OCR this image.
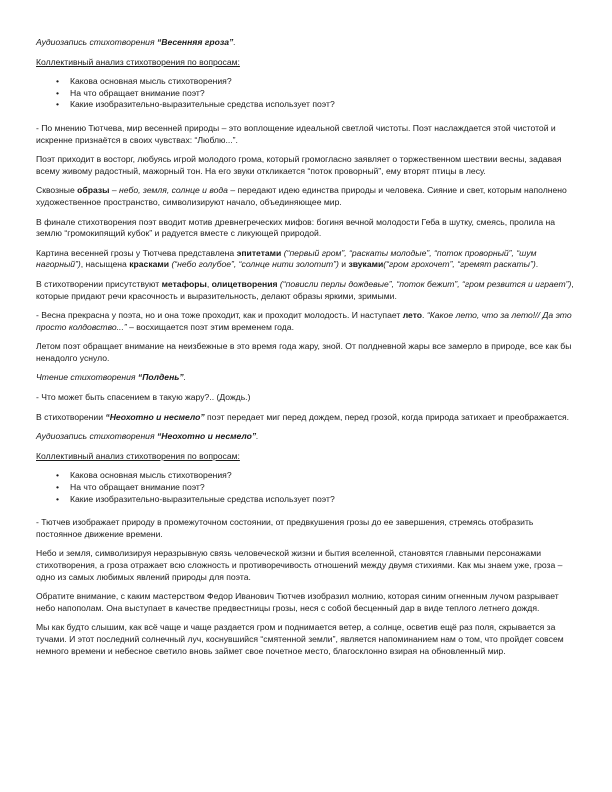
Аудиозапись стихотворения “Весенняя гроза”.

Коллективный анализ стихотворения по вопросам:

• Какова основная мысль стихотворения?
• На что обращает внимание поэт?
• Какие изобразительно-выразительные средства использует поэт?

- По мнению Тютчева, мир весенней природы – это воплощение идеальной светлой чистоты. Поэт наслаждается этой чистотой и искренне признаётся в своих чувствах: “Люблю...”.

Поэт приходит в восторг, любуясь игрой молодого грома, который громогласно заявляет о торжественном шествии весны, задавая всему живому радостный, мажорный тон. На его звуки откликается “поток проворный”, ему вторят птицы в лесу.

Сквозные образы – небо, земля, солнце и вода – передают идею единства природы и человека. Сияние и свет, которым наполнено художественное пространство, символизируют начало, объединяющее мир.

В финале стихотворения поэт вводит мотив древнегреческих мифов: богиня вечной молодости Геба в шутку, смеясь, пролила на землю “громокипящий кубок” и радуется вместе с ликующей природой.

Картина весенней грозы у Тютчева представлена эпитетами (“первый гром”, “раскаты молодые”, “поток проворный”, “шум нагорный”), насыщена красками (“небо голубое”, “солнце нити золотит”) и звуками(“гром грохочет”, “гремят раскаты”).

В стихотворении присутствуют метафоры, олицетворения (“повисли перлы дождевые”, “поток бежит”, “гром резвится и играет”), которые придают речи красочность и выразительность, делают образы яркими, зримыми.

- Весна прекрасна у поэта, но и она тоже проходит, как и проходит молодость. И наступает лето. “Какое лето, что за лето!// Да это просто колдовство...” – восхищается поэт этим временем года.

Летом поэт обращает внимание на неизбежные в это время года жару, зной. От полдневной жары все замерло в природе, все как бы ненадолго уснуло.

Чтение стихотворения “Полдень”.

- Что может быть спасением в такую жару?.. (Дождь.)

В стихотворении “Неохотно и несмело” поэт передает миг перед дождем, перед грозой, когда природа затихает и преображается.

Аудиозапись стихотворения “Неохотно и несмело”.

Коллективный анализ стихотворения по вопросам:

• Какова основная мысль стихотворения?
• На что обращает внимание поэт?
• Какие изобразительно-выразительные средства использует поэт?

- Тютчев изображает природу в промежуточном состоянии, от предвкушения грозы до ее завершения, стремясь отобразить постоянное движение времени.

Небо и земля, символизируя неразрывную связь человеческой жизни и бытия вселенной, становятся главными персонажами стихотворения, а гроза отражает всю сложность и противоречивость отношений между двумя стихиями. Как мы знаем уже, гроза – одно из самых любимых явлений природы для поэта.

Обратите внимание, с каким мастерством Федор Иванович Тютчев изобразил молнию, которая синим огненным лучом разрывает небо напополам. Она выступает в качестве предвестницы грозы, неся с собой бесценный дар в виде теплого летнего дождя.

Мы как будто слышим, как всё чаще и чаще раздается гром и поднимается ветер, а солнце, осветив ещё раз поля, скрывается за тучами. И этот последний солнечный луч, коснувшийся “смятенной земли”, является напоминанием нам о том, что пройдет совсем немного времени и небесное светило вновь займет свое почетное место, благосклонно взирая на обновленный мир.
